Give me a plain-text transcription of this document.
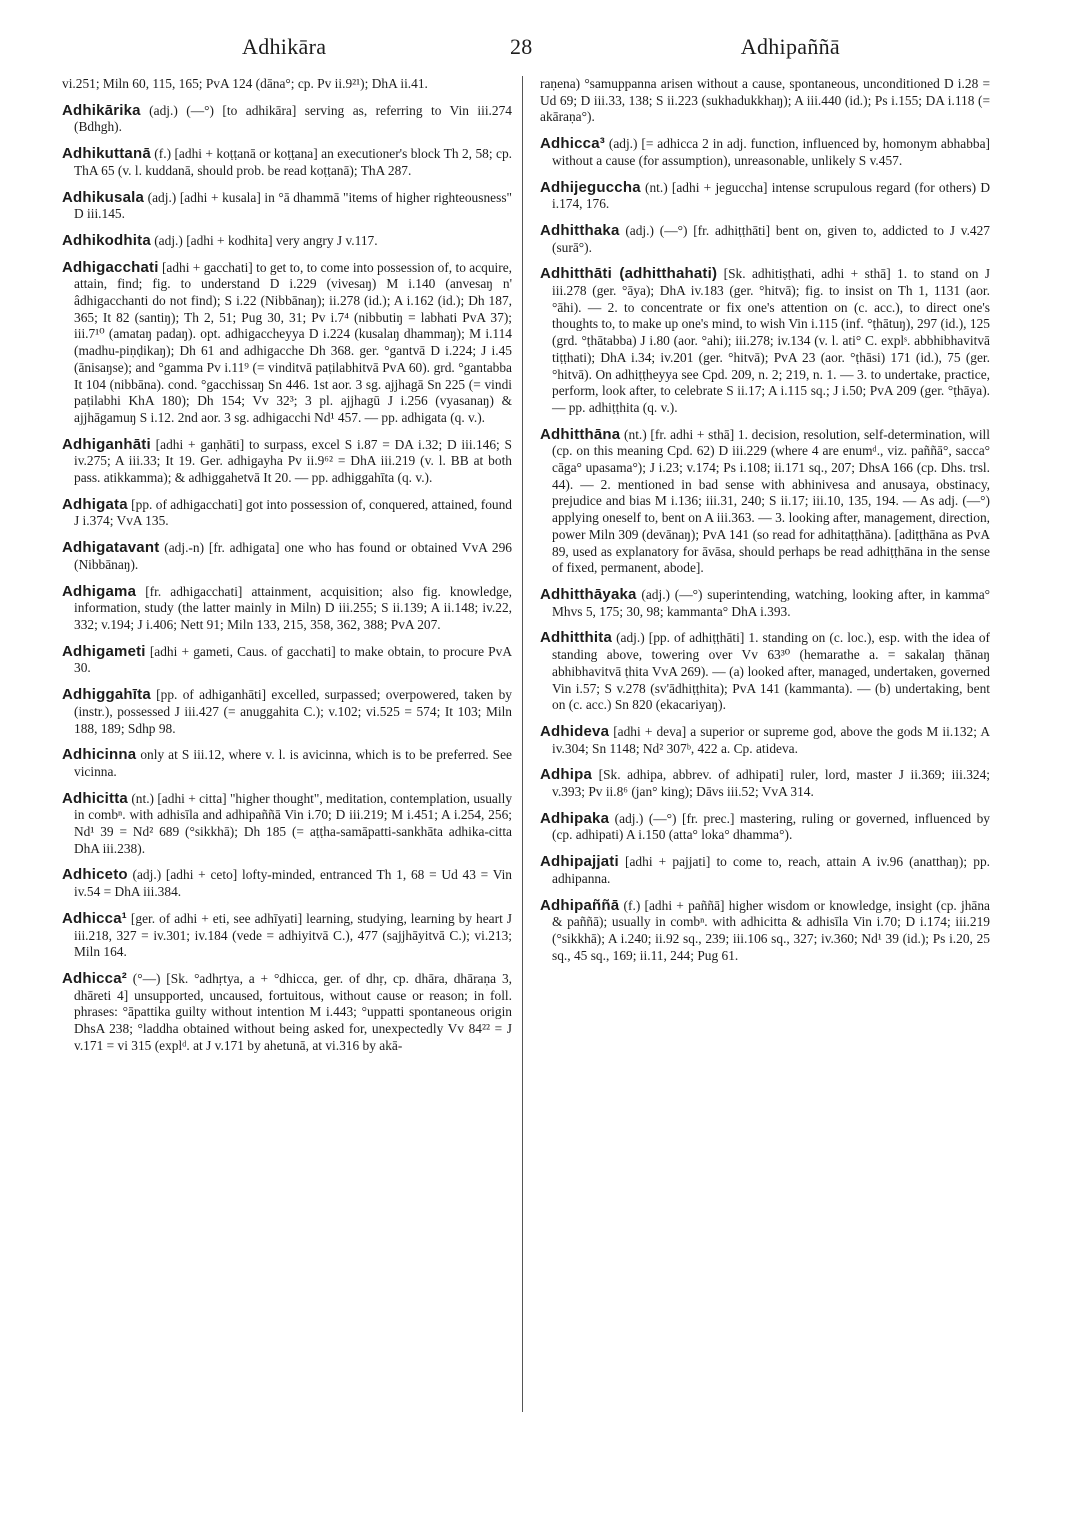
Adhikāra	28	Adhipaññā

vi.251; Miln 60, 115, 165; PvA 124 (dāna°; cp. Pv ii.9²¹); DhA ii.41.

Adhikārika (adj.) (—°) [to adhikāra] serving as, referring to Vin iii.274 (Bdhgh).

Adhikuttanā (f.) [adhi + koṭṭanā or koṭṭana] an executioner's block Th 2, 58; cp. ThA 65 (v. l. kuddanā, should prob. be read koṭṭanā); ThA 287.

Adhikusala (adj.) [adhi + kusala] in °ā dhammā "items of higher righteousness" D iii.145.

Adhikodhita (adj.) [adhi + kodhita] very angry J v.117.

Adhigacchati [adhi + gacchati] to get to, to come into possession of, to acquire, attain, find; fig. to understand D i.229 (vivesaŋ) M i.140 (anvesaŋ n' âdhigacchanti do not find); S i.22 (Nibbānaŋ); ii.278 (id.); A i.162 (id.); Dh 187, 365; It 82 (santiŋ); Th 2, 51; Pug 30, 31; Pv i.7⁴ (nibbutiŋ = labhati PvA 37); iii.7¹⁰ (amataŋ padaŋ). opt. adhigaccheyya D i.224 (kusalaŋ dhammaŋ); M i.114 (madhu-piṇḍikaŋ); Dh 61 and adhigacche Dh 368. ger. °gantvā D i.224; J i.45 (ānisaŋse); and °gamma Pv i.11⁹ (= vinditvā paṭilabhitvā PvA 60). grd. °gantabba It 104 (nibbāna). cond. °gacchissaŋ Sn 446. 1st aor. 3 sg. ajjhagā Sn 225 (= vindi paṭilabhi KhA 180); Dh 154; Vv 32³; 3 pl. ajjhagū J i.256 (vyasanaŋ) & ajjhāgamuŋ S i.12. 2nd aor. 3 sg. adhigacchi Nd¹ 457. — pp. adhigata (q. v.).

Adhiganhāti [adhi + gaṇhāti] to surpass, excel S i.87 = DA i.32; D iii.146; S iv.275; A iii.33; It 19. Ger. adhigayha Pv ii.9⁶² = DhA iii.219 (v. l. BB at both pass. atikkamma); & adhiggahetvā It 20. — pp. adhiggahīta (q. v.).

Adhigata [pp. of adhigacchati] got into possession of, conquered, attained, found J i.374; VvA 135.

Adhigatavant (adj.-n) [fr. adhigata] one who has found or obtained VvA 296 (Nibbānaŋ).

Adhigama [fr. adhigacchati] attainment, acquisition; also fig. knowledge, information, study (the latter mainly in Miln) D iii.255; S ii.139; A ii.148; iv.22, 332; v.194; J i.406; Nett 91; Miln 133, 215, 358, 362, 388; PvA 207.

Adhigameti [adhi + gameti, Caus. of gacchati] to make obtain, to procure PvA 30.

Adhiggahīta [pp. of adhiganhāti] excelled, surpassed; overpowered, taken by (instr.), possessed J iii.427 (= anuggahita C.); v.102; vi.525 = 574; It 103; Miln 188, 189; Sdhp 98.

Adhicinna only at S iii.12, where v. l. is avicinna, which is to be preferred. See vicinna.

Adhicitta (nt.) [adhi + citta] "higher thought", meditation, contemplation, usually in combⁿ. with adhisīla and adhipaññā Vin i.70; D iii.219; M i.451; A i.254, 256; Nd¹ 39 = Nd² 689 (°sikkhā); Dh 185 (= aṭṭha-samāpatti-sankhāta adhika-citta DhA iii.238).

Adhiceto (adj.) [adhi + ceto] lofty-minded, entranced Th 1, 68 = Ud 43 = Vin iv.54 = DhA iii.384.

Adhicca¹ [ger. of adhi + eti, see adhīyati] learning, studying, learning by heart J iii.218, 327 = iv.301; iv.184 (vede = adhiyitvā C.), 477 (sajjhāyitvā C.); vi.213; Miln 164.

Adhicca² (°—) [Sk. °adhṛtya, a + °dhicca, ger. of dhṛ, cp. dhāra, dhāraṇa 3, dhāreti 4] unsupported, uncaused, fortuitous, without cause or reason; in foll. phrases: °āpattika guilty without intention M i.443; °uppatti spontaneous origin DhsA 238; °laddha obtained without being asked for, unexpectedly Vv 84²² = J v.171 = vi 315 (explᵈ. at J v.171 by ahetunā, at vi.316 by akā-

raṇena) °samuppanna arisen without a cause, spontaneous, unconditioned D i.28 = Ud 69; D iii.33, 138; S ii.223 (sukhadukkhaŋ); A iii.440 (id.); Ps i.155; DA i.118 (= akāraṇa°).

Adhicca³ (adj.) [= adhicca 2 in adj. function, influenced by, homonym abhabba] without a cause (for assumption), unreasonable, unlikely S v.457.

Adhijeguccha (nt.) [adhi + jeguccha] intense scrupulous regard (for others) D i.174, 176.

Adhitthaka (adj.) (—°) [fr. adhiṭṭhāti] bent on, given to, addicted to J v.427 (surā°).

Adhitthāti (adhitthahati) [Sk. adhitiṣṭhati, adhi + sthā] 1. to stand on J iii.278 (ger. °āya); DhA iv.183 (ger. °hitvā); fig. to insist on Th 1, 1131 (aor. °āhi). — 2. to concentrate or fix one's attention on (c. acc.), to direct one's thoughts to, to make up one's mind, to wish Vin i.115 (inf. °ṭhātuŋ), 297 (id.), 125 (grd. °ṭhātabba) J i.80 (aor. °ahi); iii.278; iv.134 (v. l. ati° C. explˢ. abbhibhavitvā tiṭṭhati); DhA i.34; iv.201 (ger. °hitvā); PvA 23 (aor. °ṭhāsi) 171 (id.), 75 (ger. °hitvā). On adhiṭṭheyya see Cpd. 209, n. 2; 219, n. 1. — 3. to undertake, practice, perform, look after, to celebrate S ii.17; A i.115 sq.; J i.50; PvA 209 (ger. °ṭhāya). — pp. adhiṭṭhita (q. v.).

Adhitthāna (nt.) [fr. adhi + sthā] 1. decision, resolution, self-determination, will (cp. on this meaning Cpd. 62) D iii.229 (where 4 are enumᵈ., viz. paññā°, sacca° cāga° upasama°); J i.23; v.174; Ps i.108; ii.171 sq., 207; DhsA 166 (cp. Dhs. trsl. 44). — 2. mentioned in bad sense with abhinivesa and anusaya, obstinacy, prejudice and bias M i.136; iii.31, 240; S ii.17; iii.10, 135, 194. — As adj. (—°) applying oneself to, bent on A iii.363. — 3. looking after, management, direction, power Miln 309 (devānaŋ); PvA 141 (so read for adhitaṭṭhāna). [adiṭṭhāna as PvA 89, used as explanatory for āvāsa, should perhaps be read adhiṭṭhāna in the sense of fixed, permanent, abode].

Adhitthāyaka (adj.) (—°) superintending, watching, looking after, in kamma° Mhvs 5, 175; 30, 98; kammanta° DhA i.393.

Adhitthita (adj.) [pp. of adhiṭṭhāti] 1. standing on (c. loc.), esp. with the idea of standing above, towering over Vv 63³⁰ (hemarathe a. = sakalaŋ ṭhānaŋ abhibhavitvā ṭhita VvA 269). — (a) looked after, managed, undertaken, governed Vin i.57; S v.278 (sv'ādhiṭṭhita); PvA 141 (kammanta). — (b) undertaking, bent on (c. acc.) Sn 820 (ekacariyaŋ).

Adhideva [adhi + deva] a superior or supreme god, above the gods M ii.132; A iv.304; Sn 1148; Nd² 307ᵇ, 422 a. Cp. atideva.

Adhipa [Sk. adhipa, abbrev. of adhipati] ruler, lord, master J ii.369; iii.324; v.393; Pv ii.8⁶ (jan° king); Dāvs iii.52; VvA 314.

Adhipaka (adj.) (—°) [fr. prec.] mastering, ruling or governed, influenced by (cp. adhipati) A i.150 (atta° loka° dhamma°).

Adhipajjati [adhi + pajjati] to come to, reach, attain A iv.96 (anatthaŋ); pp. adhipanna.

Adhipaññā (f.) [adhi + paññā] higher wisdom or knowledge, insight (cp. jhāna & paññā); usually in combⁿ. with adhicitta & adhisīla Vin i.70; D i.174; iii.219 (°sikkhā); A i.240; ii.92 sq., 239; iii.106 sq., 327; iv.360; Nd¹ 39 (id.); Ps i.20, 25 sq., 45 sq., 169; ii.11, 244; Pug 61.
